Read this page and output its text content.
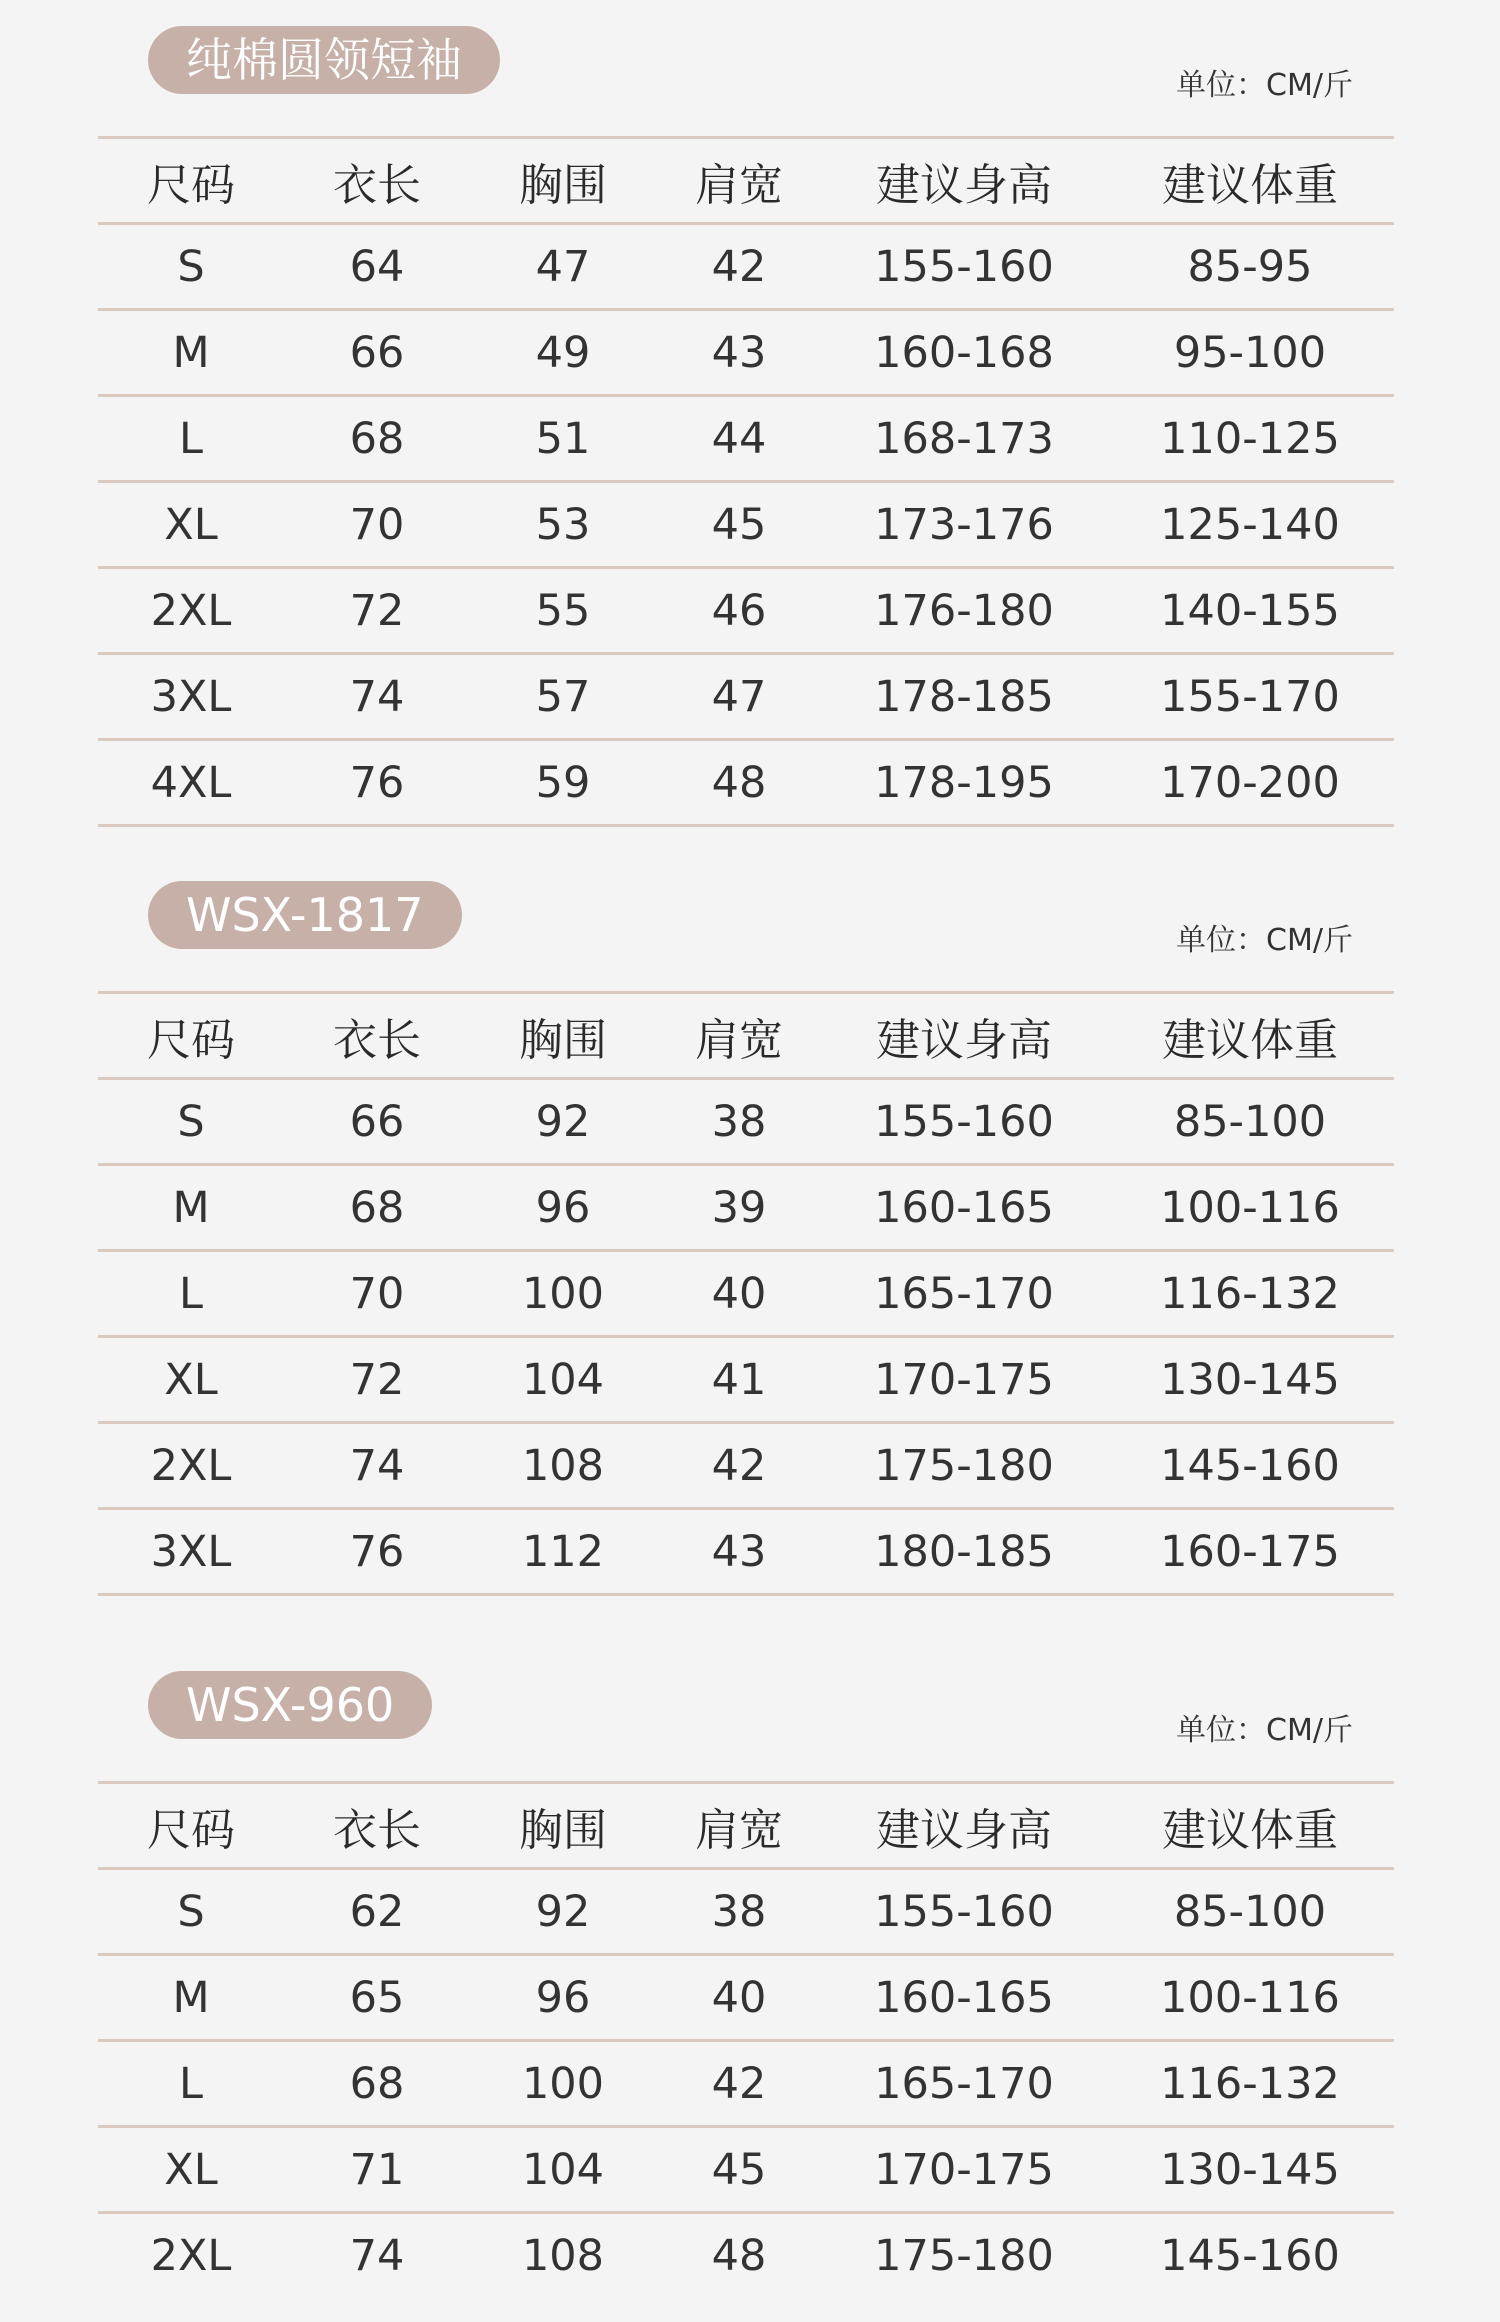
纯棉圆领短袖	单位：CM/斤
尺码	衣长	胸围	肩宽	建议身高	建议体重
S	64	47	42	155-160	85-95
M	66	49	43	160-168	95-100
L	68	51	44	168-173	110-125
XL	70	53	45	173-176	125-140
2XL	72	55	46	176-180	140-155
3XL	74	57	47	178-185	155-170
4XL	76	59	48	178-195	170-200
WSX-1817	单位：CM/斤
尺码	衣长	胸围	肩宽	建议身高	建议体重
S	66	92	38	155-160	85-100
M	68	96	39	160-165	100-116
L	70	100	40	165-170	116-132
XL	72	104	41	170-175	130-145
2XL	74	108	42	175-180	145-160
3XL	76	112	43	180-185	160-175
WSX-960	单位：CM/斤
尺码	衣长	胸围	肩宽	建议身高	建议体重
S	62	92	38	155-160	85-100
M	65	96	40	160-165	100-116
L	68	100	42	165-170	116-132
XL	71	104	45	170-175	130-145
2XL	74	108	48	175-180	145-160
